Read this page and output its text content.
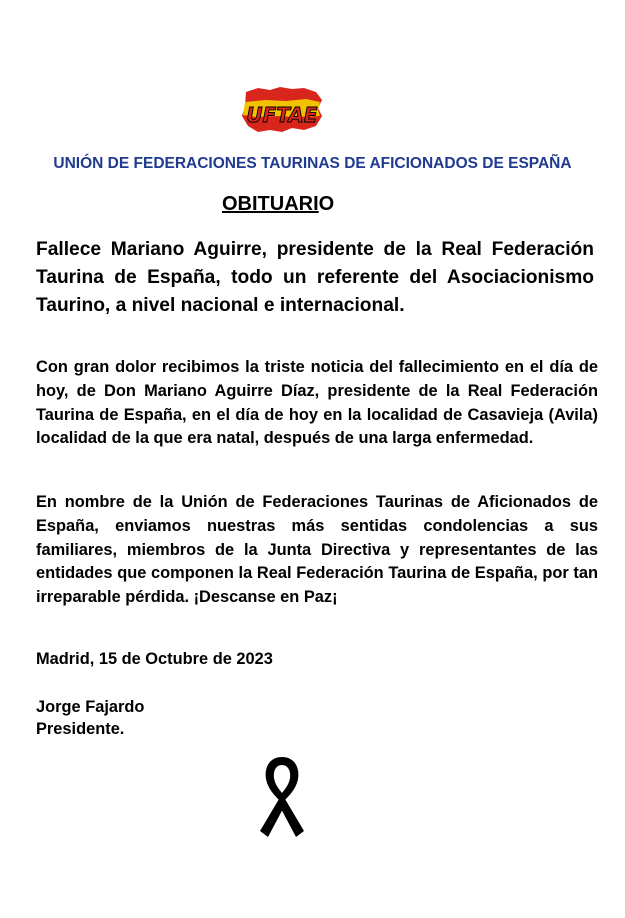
UFTAE
UNIÓN DE FEDERACIONES TAURINAS DE AFICIONADOS DE ESPAÑA
OBITUARIO
Fallece Mariano Aguirre, presidente de la Real Federación Taurina de España, todo un referente del Asociacionismo Taurino, a nivel nacional e internacional.
Con gran dolor recibimos la triste noticia del fallecimiento en el día de hoy, de Don Mariano Aguirre Díaz, presidente de la Real Federación Taurina de España, en el día de hoy en la localidad de Casavieja (Avila) localidad de la que era natal, después de una larga enfermedad.
En nombre de la Unión de Federaciones Taurinas de Aficionados de España, enviamos nuestras más sentidas condolencias a sus familiares, miembros de la Junta Directiva y representantes de las entidades que componen la Real Federación Taurina de España, por tan irreparable pérdida. ¡Descanse en Paz¡
Madrid, 15 de Octubre de 2023
Jorge Fajardo
Presidente.
